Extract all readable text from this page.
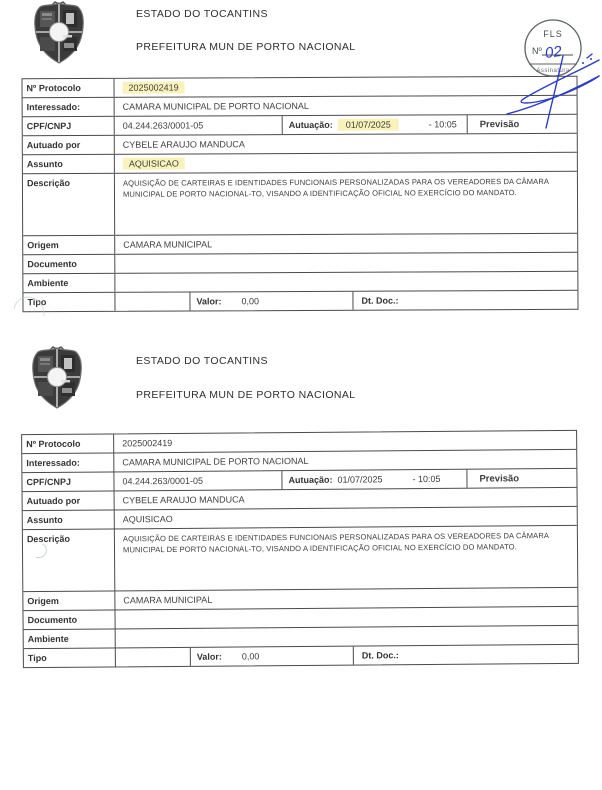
ESTADO DO TOCANTINS
PREFEITURA MUN DE PORTO NACIONAL
FLS
Nº
Assinatura
02
Nº Protocolo	2025002419
Interessado:	CAMARA MUNICIPAL DE PORTO NACIONAL
CPF/CNPJ	04.244.263/0001-05	Autuação:	01/07/2025	- 10:05	Previsão
Autuado por	CYBELE ARAUJO MANDUCA
Assunto	AQUISICAO
Descrição	AQUISIÇÃO DE CARTEIRAS E IDENTIDADES FUNCIONAIS PERSONALIZADAS PARA OS VEREADORES DA CÂMARA MUNICIPAL DE PORTO NACIONAL-TO, VISANDO A IDENTIFICAÇÃO OFICIAL NO EXERCÍCIO DO MANDATO.
Origem	CAMARA MUNICIPAL
Documento
Ambiente
Tipo	Valor: 0,00	Dt. Doc.:
ESTADO DO TOCANTINS
PREFEITURA MUN DE PORTO NACIONAL
Nº Protocolo	2025002419
Interessado:	CAMARA MUNICIPAL DE PORTO NACIONAL
CPF/CNPJ	04.244.263/0001-05	Autuação: 01/07/2025	- 10:05	Previsão
Autuado por	CYBELE ARAUJO MANDUCA
Assunto	AQUISICAO
Descrição	AQUISIÇÃO DE CARTEIRAS E IDENTIDADES FUNCIONAIS PERSONALIZADAS PARA OS VEREADORES DA CÂMARA MUNICIPAL DE PORTO NACIONAL-TO, VISANDO A IDENTIFICAÇÃO OFICIAL NO EXERCÍCIO DO MANDATO.
Origem	CAMARA MUNICIPAL
Documento
Ambiente
Tipo	Valor: 0,00	Dt. Doc.:
